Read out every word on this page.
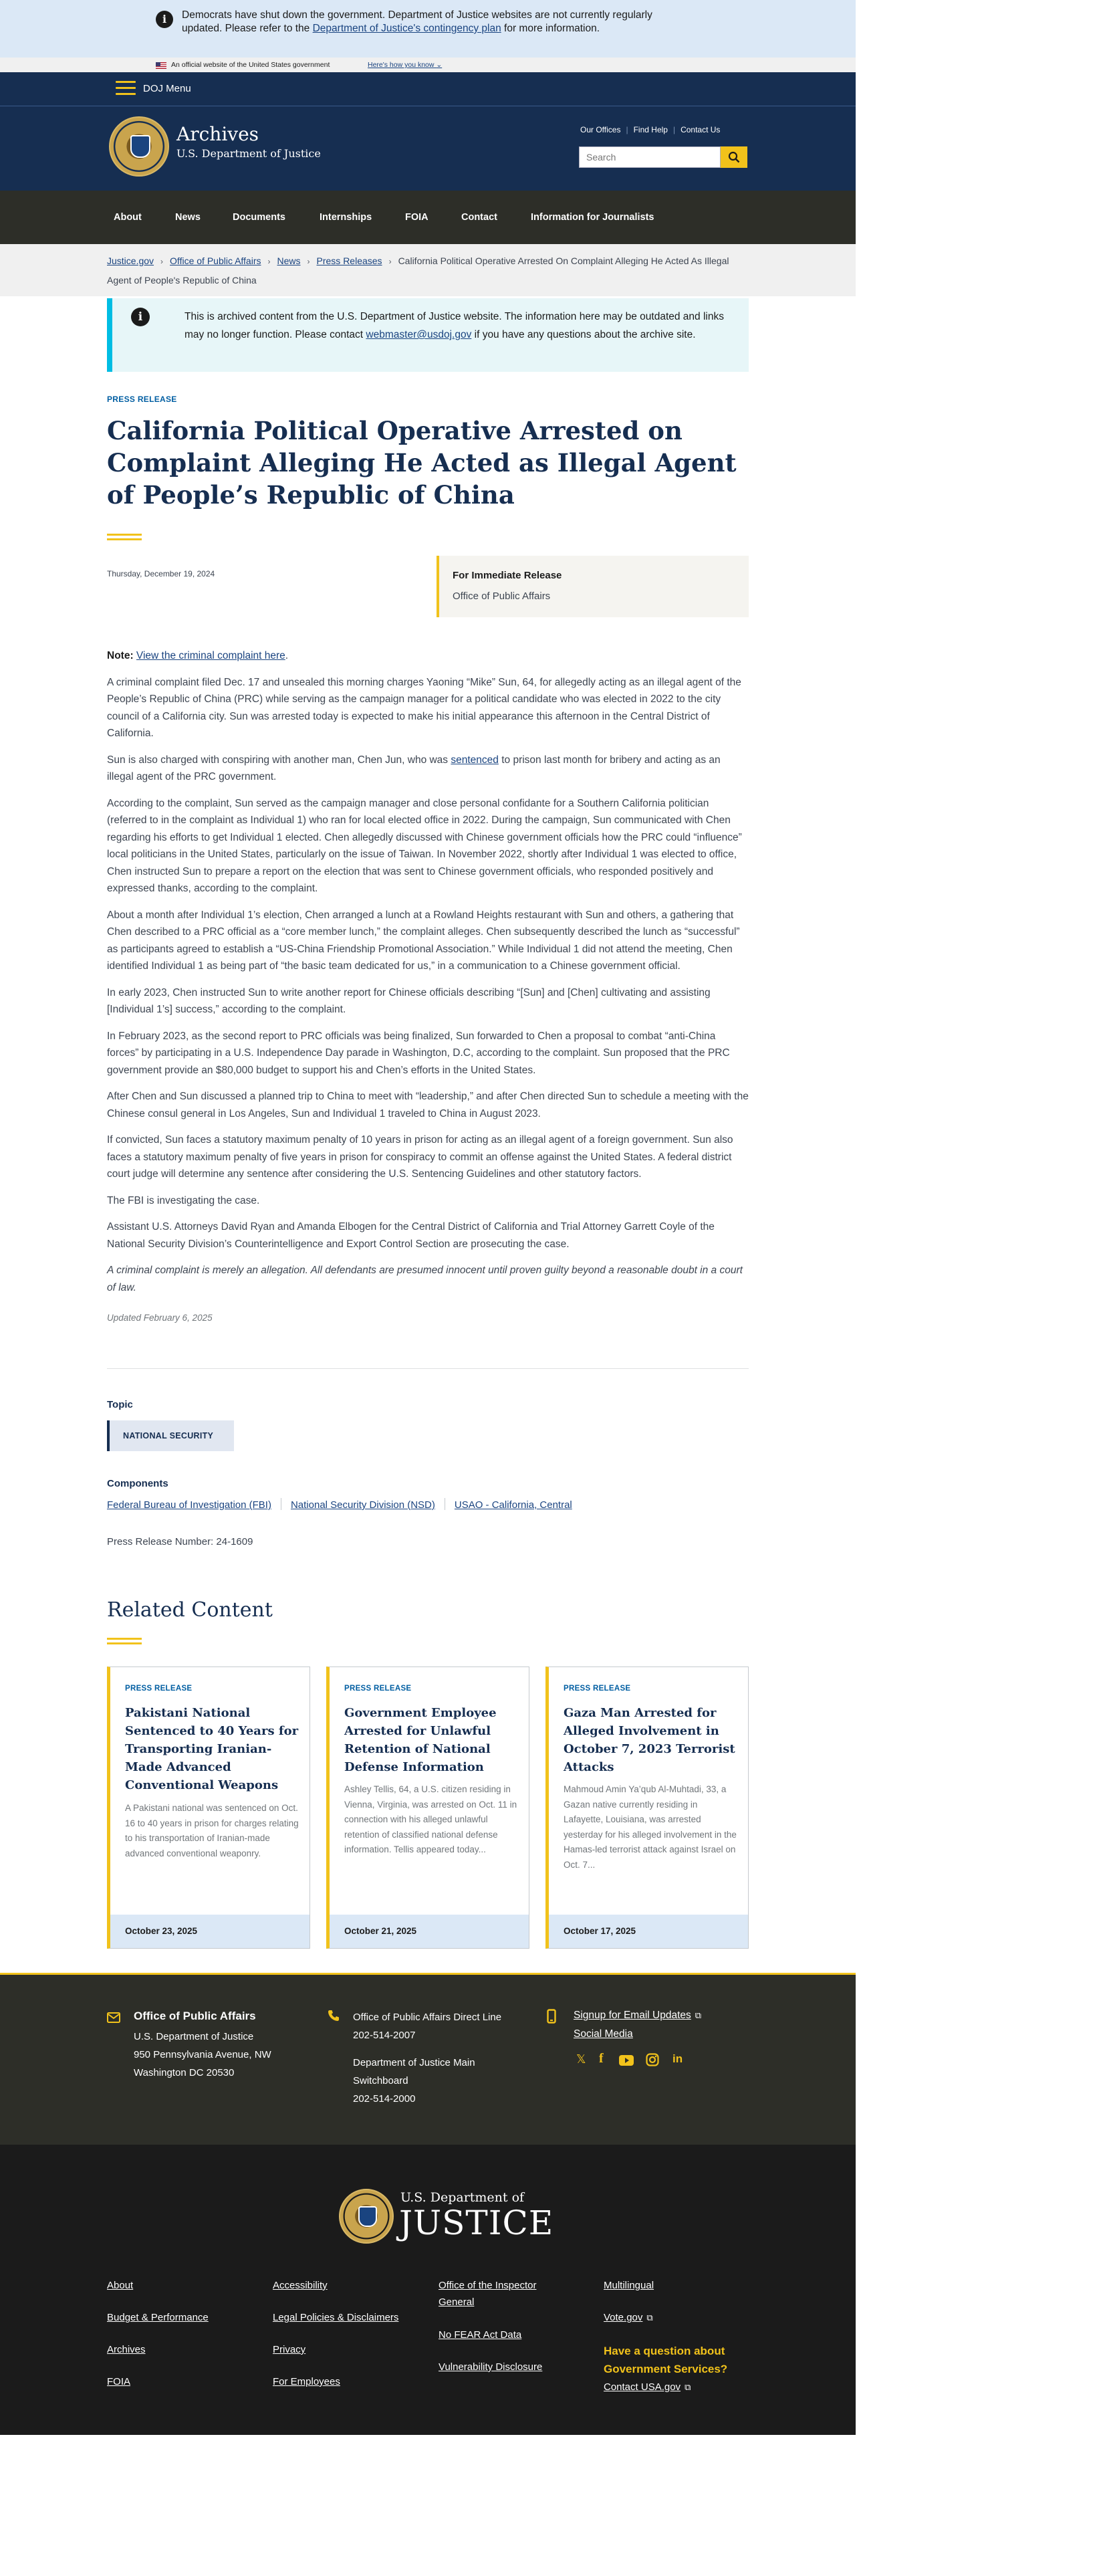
i	Democrats have shut down the government. Department of Justice websites are not currently regularly updated. Please refer to the Department of Justice's contingency plan for more information.

An official website of the United States government	Here's how you know ⌄
DOJ Menu
Archives
U.S. Department of Justice
Our Offices | Find Help | Contact Us
Search
About	News	Documents	Internships	FOIA	Contact	Information for Journalists
Justice.gov › Office of Public Affairs › News › Press Releases › California Political Operative Arrested On Complaint Alleging He Acted As Illegal Agent of People's Republic of China
i	This is archived content from the U.S. Department of Justice website. The information here may be outdated and links may no longer function. Please contact webmaster@usdoj.gov if you have any questions about the archive site.

PRESS RELEASE
California Political Operative Arrested on Complaint Alleging He Acted as Illegal Agent of People’s Republic of China
Thursday, December 19, 2024	For Immediate Release
Office of Public Affairs

Note: View the criminal complaint here.

A criminal complaint filed Dec. 17 and unsealed this morning charges Yaoning “Mike” Sun, 64, for allegedly acting as an illegal agent of the People’s Republic of China (PRC) while serving as the campaign manager for a political candidate who was elected in 2022 to the city council of a California city. Sun was arrested today is expected to make his initial appearance this afternoon in the Central District of California.

Sun is also charged with conspiring with another man, Chen Jun, who was sentenced to prison last month for bribery and acting as an illegal agent of the PRC government.

According to the complaint, Sun served as the campaign manager and close personal confidante for a Southern California politician (referred to in the complaint as Individual 1) who ran for local elected office in 2022. During the campaign, Sun communicated with Chen regarding his efforts to get Individual 1 elected. Chen allegedly discussed with Chinese government officials how the PRC could “influence” local politicians in the United States, particularly on the issue of Taiwan. In November 2022, shortly after Individual 1 was elected to office, Chen instructed Sun to prepare a report on the election that was sent to Chinese government officials, who responded positively and expressed thanks, according to the complaint.

About a month after Individual 1’s election, Chen arranged a lunch at a Rowland Heights restaurant with Sun and others, a gathering that Chen described to a PRC official as a “core member lunch,” the complaint alleges. Chen subsequently described the lunch as “successful” as participants agreed to establish a “US-China Friendship Promotional Association.” While Individual 1 did not attend the meeting, Chen identified Individual 1 as being part of “the basic team dedicated for us,” in a communication to a Chinese government official.

In early 2023, Chen instructed Sun to write another report for Chinese officials describing “[Sun] and [Chen] cultivating and assisting [Individual 1’s] success,” according to the complaint.

In February 2023, as the second report to PRC officials was being finalized, Sun forwarded to Chen a proposal to combat “anti-China forces” by participating in a U.S. Independence Day parade in Washington, D.C, according to the complaint. Sun proposed that the PRC government provide an $80,000 budget to support his and Chen’s efforts in the United States.

After Chen and Sun discussed a planned trip to China to meet with “leadership,” and after Chen directed Sun to schedule a meeting with the Chinese consul general in Los Angeles, Sun and Individual 1 traveled to China in August 2023.

If convicted, Sun faces a statutory maximum penalty of 10 years in prison for acting as an illegal agent of a foreign government. Sun also faces a statutory maximum penalty of five years in prison for conspiracy to commit an offense against the United States. A federal district court judge will determine any sentence after considering the U.S. Sentencing Guidelines and other statutory factors.

The FBI is investigating the case.

Assistant U.S. Attorneys David Ryan and Amanda Elbogen for the Central District of California and Trial Attorney Garrett Coyle of the National Security Division’s Counterintelligence and Export Control Section are prosecuting the case.

A criminal complaint is merely an allegation. All defendants are presumed innocent until proven guilty beyond a reasonable doubt in a court of law.

Updated February 6, 2025

Topic
NATIONAL SECURITY
Components
Federal Bureau of Investigation (FBI) National Security Division (NSD) USAO - California, Central
Press Release Number: 24-1609
Related Content
PRESS RELEASE
Pakistani National Sentenced to 40 Years for Transporting Iranian-Made Advanced Conventional Weapons
A Pakistani national was sentenced on Oct. 16 to 40 years in prison for charges relating to his transportation of Iranian-made advanced conventional weaponry.
October 23, 2025
PRESS RELEASE
Government Employee Arrested for Unlawful Retention of National Defense Information
Ashley Tellis, 64, a U.S. citizen residing in Vienna, Virginia, was arrested on Oct. 11 in connection with his alleged unlawful retention of classified national defense information. Tellis appeared today...
October 21, 2025
PRESS RELEASE
Gaza Man Arrested for Alleged Involvement in October 7, 2023 Terrorist Attacks
Mahmoud Amin Ya’qub Al-Muhtadi, 33, a Gazan native currently residing in Lafayette, Louisiana, was arrested yesterday for his alleged involvement in the Hamas-led terrorist attack against Israel on Oct. 7...
October 17, 2025
Office of Public Affairs
U.S. Department of Justice
950 Pennsylvania Avenue, NW
Washington DC 20530
Office of Public Affairs Direct Line
202-514-2007
Department of Justice Main
Switchboard
202-514-2000
Signup for Email Updates ⧉
Social Media
𝕏 f	in
U.S. Department of
JUSTICE
About
Budget & Performance
Archives
FOIA
Accessibility
Legal Policies & Disclaimers
Privacy
For Employees
Office of the Inspector General
No FEAR Act Data
Vulnerability Disclosure
Multilingual
Vote.gov ⧉
Have a question about Government Services?
Contact USA.gov ⧉
